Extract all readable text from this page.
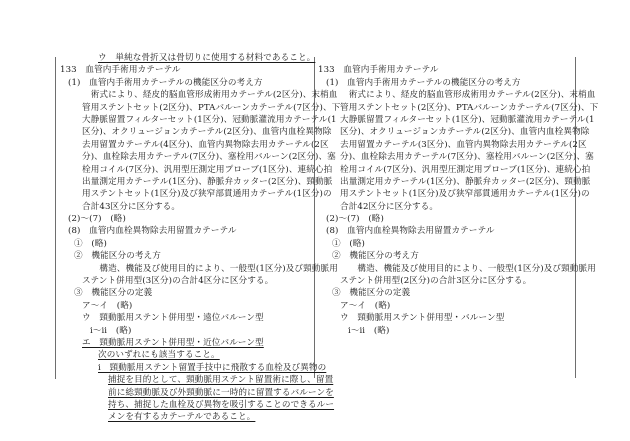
ウ　単純な骨折又は骨切りに使用する材料であること。
133　血管内手術用カテーテル
(1)　血管内手術用カテーテルの機能区分の考え方
　術式により、経皮的脳血管形成術用カテーテル(2区分)、末梢血
管用ステントセット(2区分)、PTAバルーンカテーテル(7区分)、下
大静脈留置フィルターセット(1区分)、冠動脈灌流用カテーテル(1
区分)、オクリュージョンカテーテル(2区分)、血管内血栓異物除
去用留置カテーテル(4区分)、血管内異物除去用カテーテル(2区
分)、血栓除去用カテーテル(7区分)、塞栓用バルーン(2区分)、塞
栓用コイル(7区分)、汎用型圧測定用プローブ(1区分)、連続心拍
出量測定用カテーテル(1区分)、静脈弁カッター(2区分)、頸動脈
用ステントセット(1区分)及び狭窄部貫通用カテーテル(1区分)の
合計43区分に区分する。
(2)～(7)　(略)
(8)　血管内血栓異物除去用留置カテーテル
①　(略)
②　機能区分の考え方
　　構造、機能及び使用目的により、一般型(1区分)及び頸動脈用
ステント併用型(3区分)の合計4区分に区分する。
③　機能区分の定義
ア～イ　(略)
ウ　頸動脈用ステント併用型・遠位バルーン型
ⅰ～ⅱ　(略)
エ　頸動脈用ステント併用型・近位バルーン型
次のいずれにも該当すること。
ⅰ　頸動脈用ステント留置手技中に飛散する血栓及び異物の
捕捉を目的として、頸動脈用ステント留置術に際し、留置
前に総頸動脈及び外頸動脈に一時的に留置するバルーンを
持ち、捕捉した血栓及び異物を吸引することのできるルー
メンを有するカテーテルであること。
133　血管内手術用カテーテル
(1)　血管内手術用カテーテルの機能区分の考え方
　術式により、経皮的脳血管形成術用カテーテル(2区分)、末梢血
管用ステントセット(2区分)、PTAバルーンカテーテル(7区分)、下
大静脈留置フィルターセット(1区分)、冠動脈灌流用カテーテル(1
区分)、オクリュージョンカテーテル(2区分)、血管内血栓異物除
去用留置カテーテル(3区分)、血管内異物除去用カテーテル(2区
分)、血栓除去用カテーテル(7区分)、塞栓用バルーン(2区分)、塞
栓用コイル(7区分)、汎用型圧測定用プローブ(1区分)、連続心拍
出量測定用カテーテル(1区分)、静脈弁カッター(2区分)、頸動脈
用ステントセット(1区分)及び狭窄部貫通用カテーテル(1区分)の
合計42区分に区分する。
(2)～(7)　(略)
(8)　血管内血栓異物除去用留置カテーテル
①　(略)
②　機能区分の考え方
　　構造、機能及び使用目的により、一般型(1区分)及び頸動脈用
ステント併用型(2区分)の合計3区分に区分する。
③　機能区分の定義
ア～イ　(略)
ウ　頸動脈用ステント併用型・バルーン型
ⅰ～ⅱ　(略)
